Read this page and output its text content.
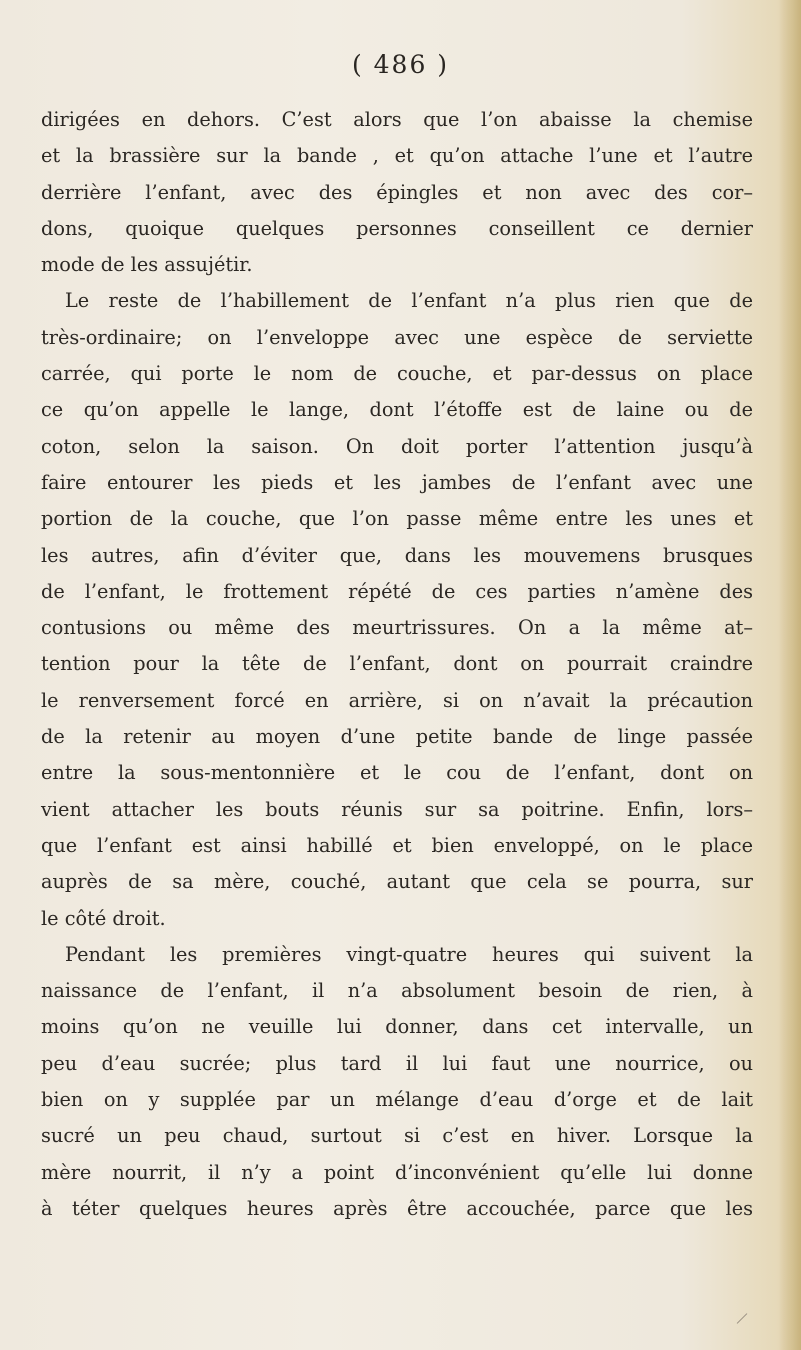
( 486 )
dirigées en dehors. C’est alors que l’on abaisse la chemise
et la brassière sur la bande , et qu’on attache l’une et l’autre
derrière l’enfant, avec des épingles et non avec des cor–
dons, quoique quelques personnes conseillent ce dernier
mode de les assujétir.
Le reste de l’habillement de l’enfant n’a plus rien que de
très-ordinaire; on l’enveloppe avec une espèce de serviette
carrée, qui porte le nom de couche, et par-dessus on place
ce qu’on appelle le lange, dont l’étoffe est de laine ou de
coton, selon la saison. On doit porter l’attention jusqu’à
faire entourer les pieds et les jambes de l’enfant avec une
portion de la couche, que l’on passe même entre les unes et
les autres, afin d’éviter que, dans les mouvemens brusques
de l’enfant, le frottement répété de ces parties n’amène des
contusions ou même des meurtrissures. On a la même at–
tention pour la tête de l’enfant, dont on pourrait craindre
le renversement forcé en arrière, si on n’avait la précaution
de la retenir au moyen d’une petite bande de linge passée
entre la sous-mentonnière et le cou de l’enfant, dont on
vient attacher les bouts réunis sur sa poitrine. Enfin, lors–
que l’enfant est ainsi habillé et bien enveloppé, on le place
auprès de sa mère, couché, autant que cela se pourra, sur
le côté droit.
Pendant les premières vingt-quatre heures qui suivent la
naissance de l’enfant, il n’a absolument besoin de rien, à
moins qu’on ne veuille lui donner, dans cet intervalle, un
peu d’eau sucrée; plus tard il lui faut une nourrice, ou
bien on y supplée par un mélange d’eau d’orge et de lait
sucré un peu chaud, surtout si c’est en hiver. Lorsque la
mère nourrit, il n’y a point d’inconvénient qu’elle lui donne
à téter quelques heures après être accouchée, parce que les
